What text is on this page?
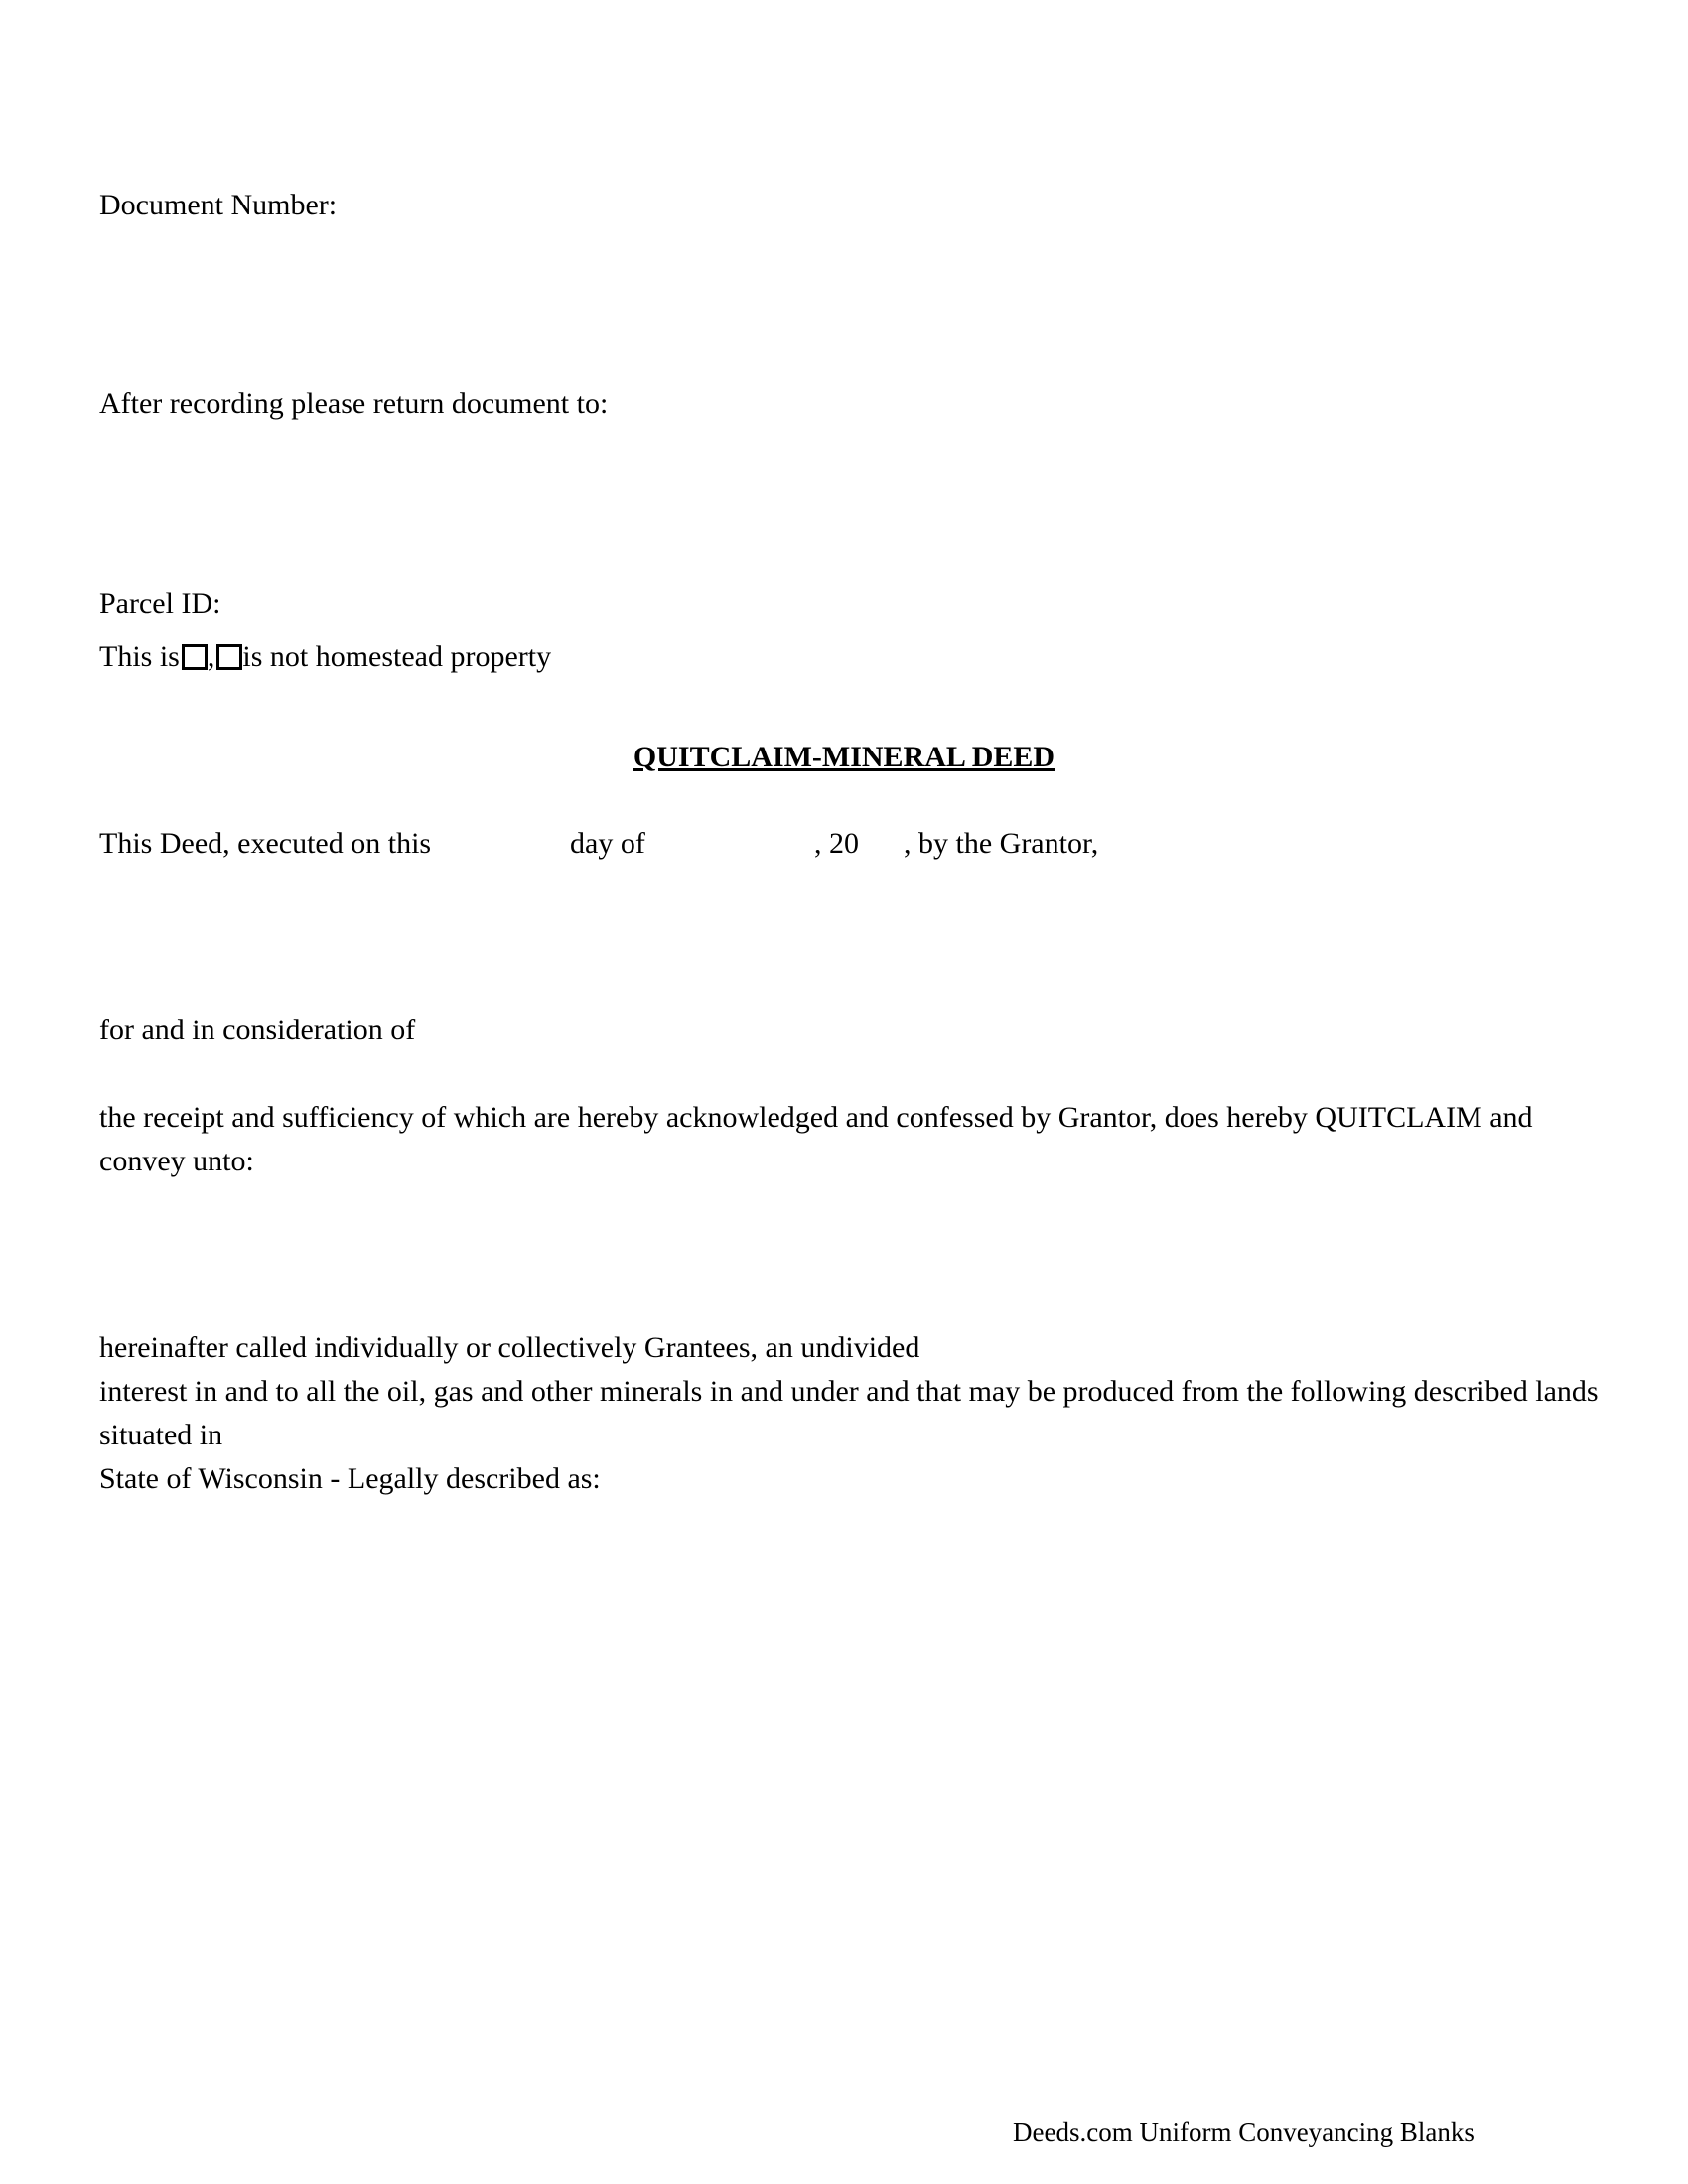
Document Number:
After recording please return document to:
Parcel ID:
This is , is not homestead property
QUITCLAIM-MINERAL DEED
This Deed, executed on this	day of	, 20 , by the Grantor,
for and in consideration of
the receipt and sufficiency of which are hereby acknowledged and confessed by Grantor, does hereby QUITCLAIM and convey unto:
hereinafter called individually or collectively Grantees, an undivided
interest in and to all the oil, gas and other minerals in and under and that may be produced from the following described lands situated in
State of Wisconsin - Legally described as:
Deeds.com Uniform Conveyancing Blanks
